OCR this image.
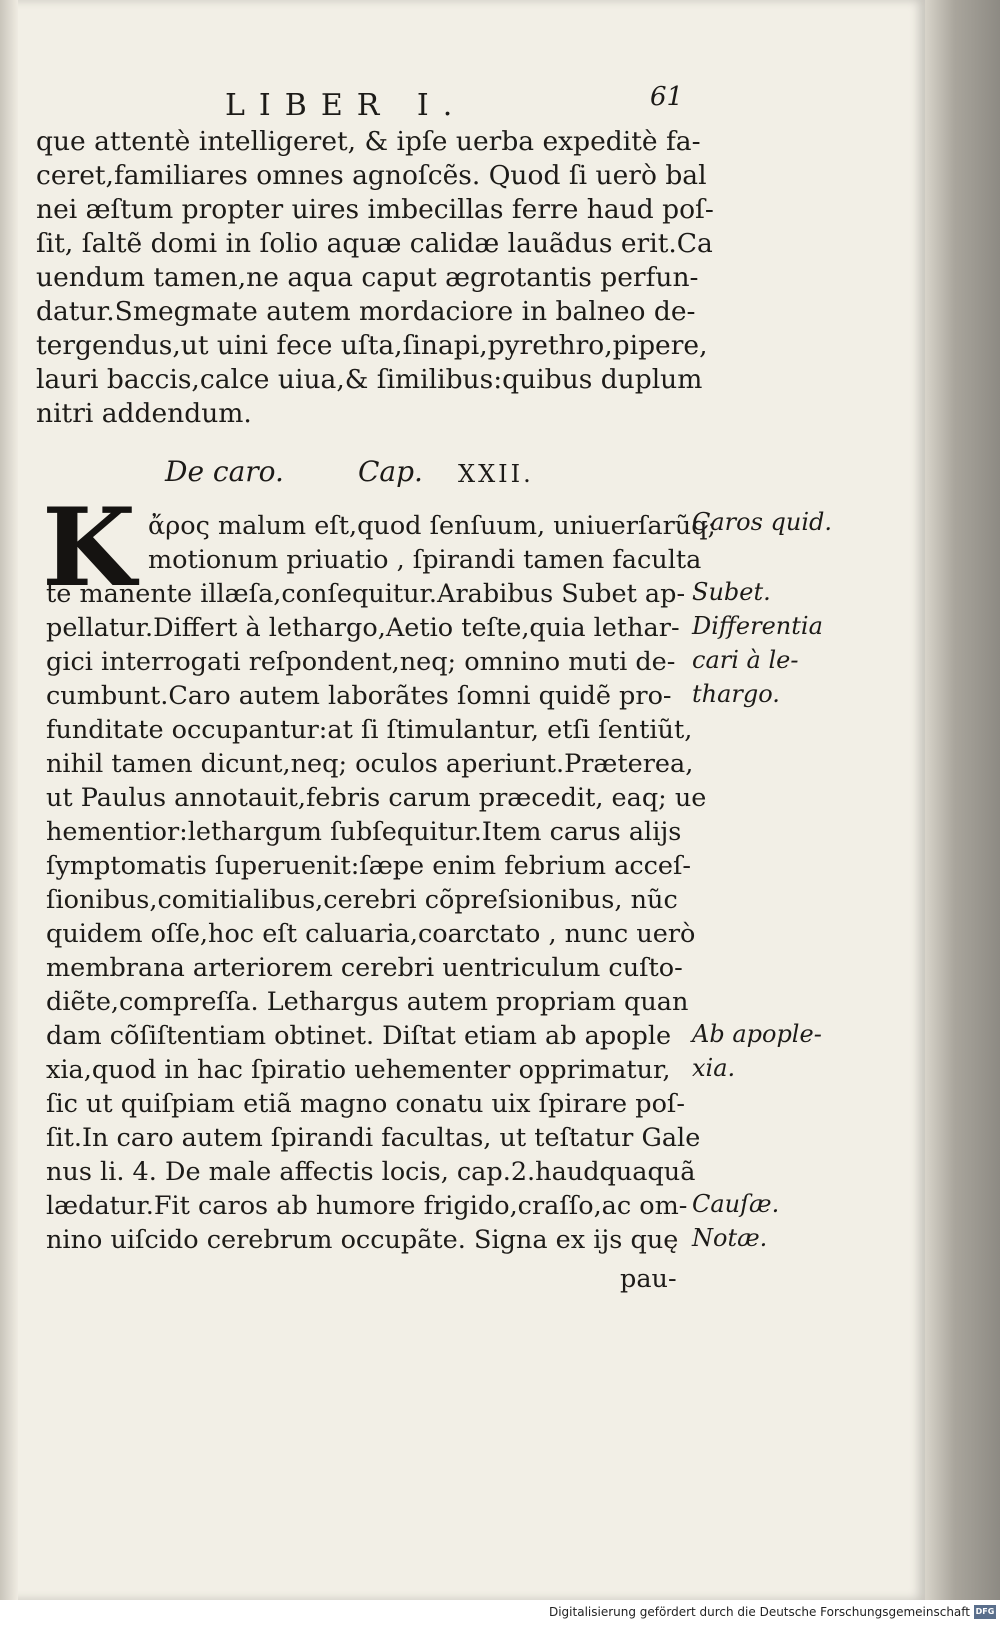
LIBER I.	61
que attentè intelligeret, & ipſe uerba expeditè fa-
ceret,familiares omnes agnoſcẽs. Quod ſi uerò bal
nei æſtum propter uires imbecillas ferre haud poſ-
ſit, ſaltẽ domi in ſolio aquæ calidæ lauãdus erit.Ca
uendum tamen,ne aqua caput ægrotantis perfun-
datur.Smegmate autem mordaciore in balneo de-
tergendus,ut uini fece uſta,ſinapi,pyrethro,pipere,
lauri baccis,calce uiua,& ſimilibus:quibus duplum
nitri addendum.
De caro.	Cap. XXII.
K ἄρος malum eſt,quod ſenſuum, uniuerſarũq;
motionum priuatio , ſpirandi tamen faculta
te manente illæſa,conſequitur.Arabibus Subet ap-
pellatur.Differt à lethargo,Aetio teſte,quia lethar-
gici interrogati reſpondent,neq; omnino muti de-
cumbunt.Caro autem laborãtes ſomni quidẽ pro-
funditate occupantur:at ſi ſtimulantur, etſi ſentiũt,
nihil tamen dicunt,neq; oculos aperiunt.Præterea,
ut Paulus annotauit,febris carum præcedit, eaq; ue
hementior:lethargum ſubſequitur.Item carus alijs
ſymptomatis ſuperuenit:ſæpe enim febrium acceſ-
ſionibus,comitialibus,cerebri cõpreſsionibus, nũc
quidem oſſe,hoc eſt caluaria,coarctato , nunc uerò
membrana arteriorem cerebri uentriculum cuſto-
diẽte,compreſſa. Lethargus autem propriam quan
dam cõſiſtentiam obtinet. Diſtat etiam ab apople
xia,quod in hac ſpiratio uehementer opprimatur,
ſic ut quiſpiam etiã magno conatu uix ſpirare poſ-
ſit.In caro autem ſpirandi facultas, ut teſtatur Gale
nus li. 4. De male affectis locis, cap.2.haudquaquã
lædatur.Fit caros ab humore frigido,craſſo,ac om-
nino uiſcido cerebrum occupãte. Signa ex ijs quę
pau-
Caros quid.
Subet.
Differentia
cari à le-
thargo.
Ab apople-
xia.
Cauſæ.
Notæ.
Digitalisierung gefördert durch die Deutsche Forschungsgemeinschaft DFG
